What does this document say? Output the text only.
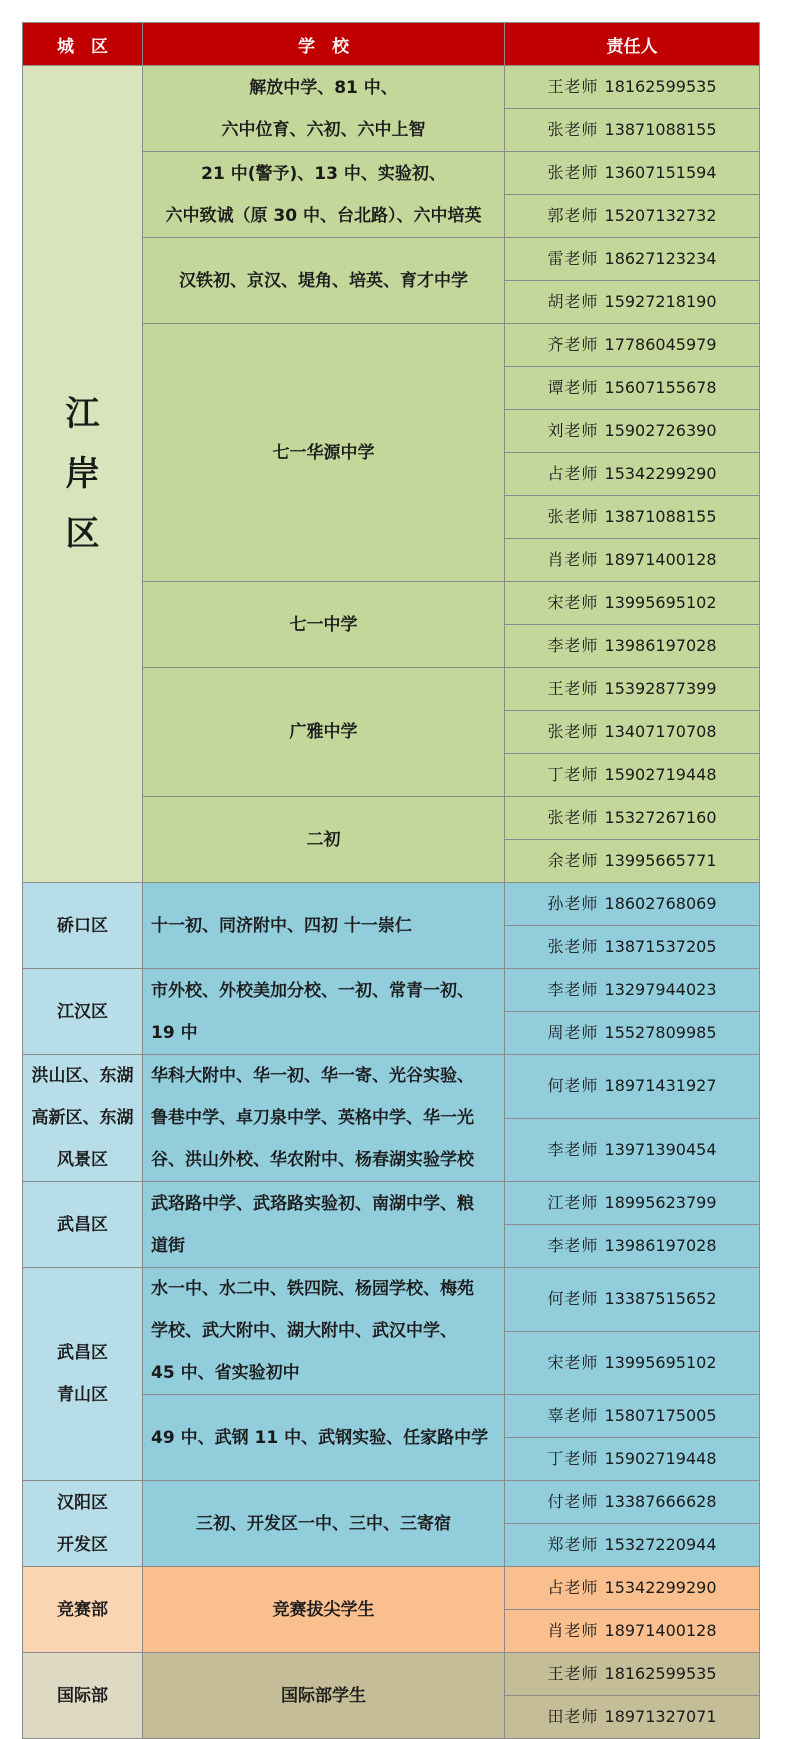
城　区	学　校	责任人

江
岸
区	解放中学、81 中、
六中位育、六初、六中上智	王老师 18162599535

		张老师 13871088155

	21 中(警予)、13 中、实验初、
六中致诚（原 30 中、台北路）、六中培英	张老师 13607151594

		郭老师 15207132732

	汉铁初、京汉、堤角、培英、育才中学	雷老师 18627123234

		胡老师 15927218190

	七一华源中学	齐老师 17786045979

		谭老师 15607155678

		刘老师 15902726390

		占老师 15342299290

		张老师 13871088155

		肖老师 18971400128

	七一中学	宋老师 13995695102

		李老师 13986197028

	广雅中学	王老师 15392877399

		张老师 13407170708

		丁老师 15902719448

	二初	张老师 15327267160

		余老师 13995665771

硚口区	十一初、同济附中、四初 十一崇仁	孙老师 18602768069

		张老师 13871537205

江汉区	市外校、外校美加分校、一初、常青一初、
19 中	李老师 13297944023

		周老师 15527809985

洪山区、东湖
高新区、东湖
风景区	华科大附中、华一初、华一寄、光谷实验、
鲁巷中学、卓刀泉中学、英格中学、华一光
谷、洪山外校、华农附中、杨春湖实验学校	何老师 18971431927

		李老师 13971390454

武昌区	武珞路中学、武珞路实验初、南湖中学、粮
道街	江老师 18995623799

		李老师 13986197028

武昌区
青山区	水一中、水二中、铁四院、杨园学校、梅苑
学校、武大附中、湖大附中、武汉中学、
45 中、省实验初中	何老师 13387515652

		宋老师 13995695102

	49 中、武钢 11 中、武钢实验、任家路中学	辜老师 15807175005

		丁老师 15902719448

汉阳区
开发区	三初、开发区一中、三中、三寄宿	付老师 13387666628

		郑老师 15327220944

竞赛部	竞赛拔尖学生	占老师 15342299290

		肖老师 18971400128

国际部	国际部学生	王老师 18162599535

		田老师 18971327071
